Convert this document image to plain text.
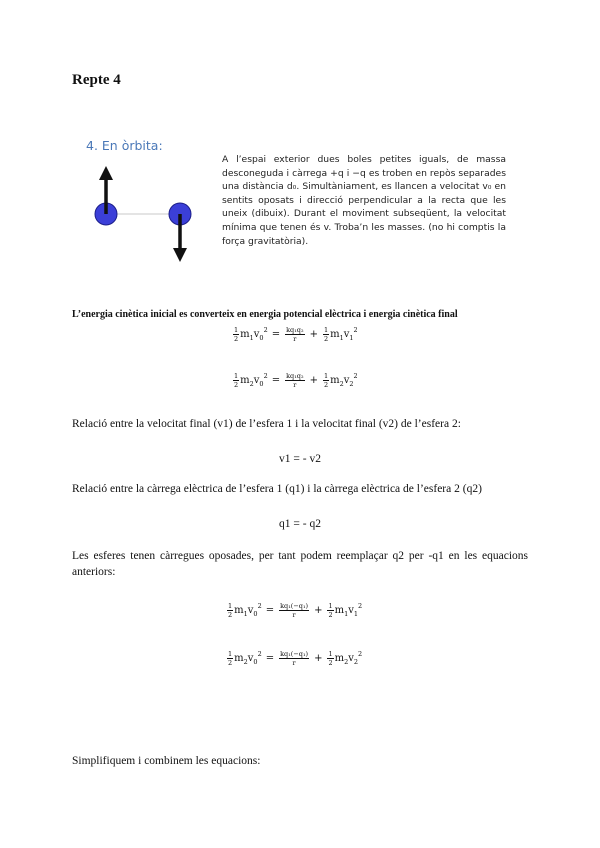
Repte 4
4. En òrbita:
A l’espai exterior dues boles petites iguals, de massa desconeguda i càrrega +q i −q es troben en repòs separades una distància d₀. Simultàniament, es llancen a velocitat v₀ en sentits oposats i direcció perpendicular a la recta que les uneix (dibuix). Durant el moviment subseqüent, la velocitat mínima que tenen és v. Troba’n les masses. (no hi comptis la força gravitatòria).
L’energia cinètica inicial es converteix en energia potencial elèctrica i energia cinètica final
$\frac{1}{2}$ m 1 v 0
$2 = \frac{\text{kq₁q₂}}{r} + \frac{1}{2}$ m 1 v 1
2
$\frac{1}{2}$ m 2 v 0
$2 = \frac{\text{kq₁q₂}}{r} + \frac{1}{2}$ m 2 v 2
2
Relació entre la velocitat final (v1) de l’esfera 1 i la velocitat final (v2) de l’esfera 2:
v1 = - v2
Relació entre la càrrega elèctrica de l’esfera 1 (q1) i la càrrega elèctrica de l’esfera 2 (q2)
q1 = - q2
Les esferes tenen càrregues oposades, per tant podem reemplaçar q2 per -q1 en les equacions anteriors:
$\frac{1}{2}$ m 1 v 0
$2 = \frac{\text{kq₁(−q₁)}}{r} + \frac{1}{2}$ m 1 v 1
2
$\frac{1}{2}$ m 2 v 0
$2 = \frac{\text{kq₁(−q₁)}}{r} + \frac{1}{2}$ m 2 v 2
2
Simplifiquem i combinem les equacions:
